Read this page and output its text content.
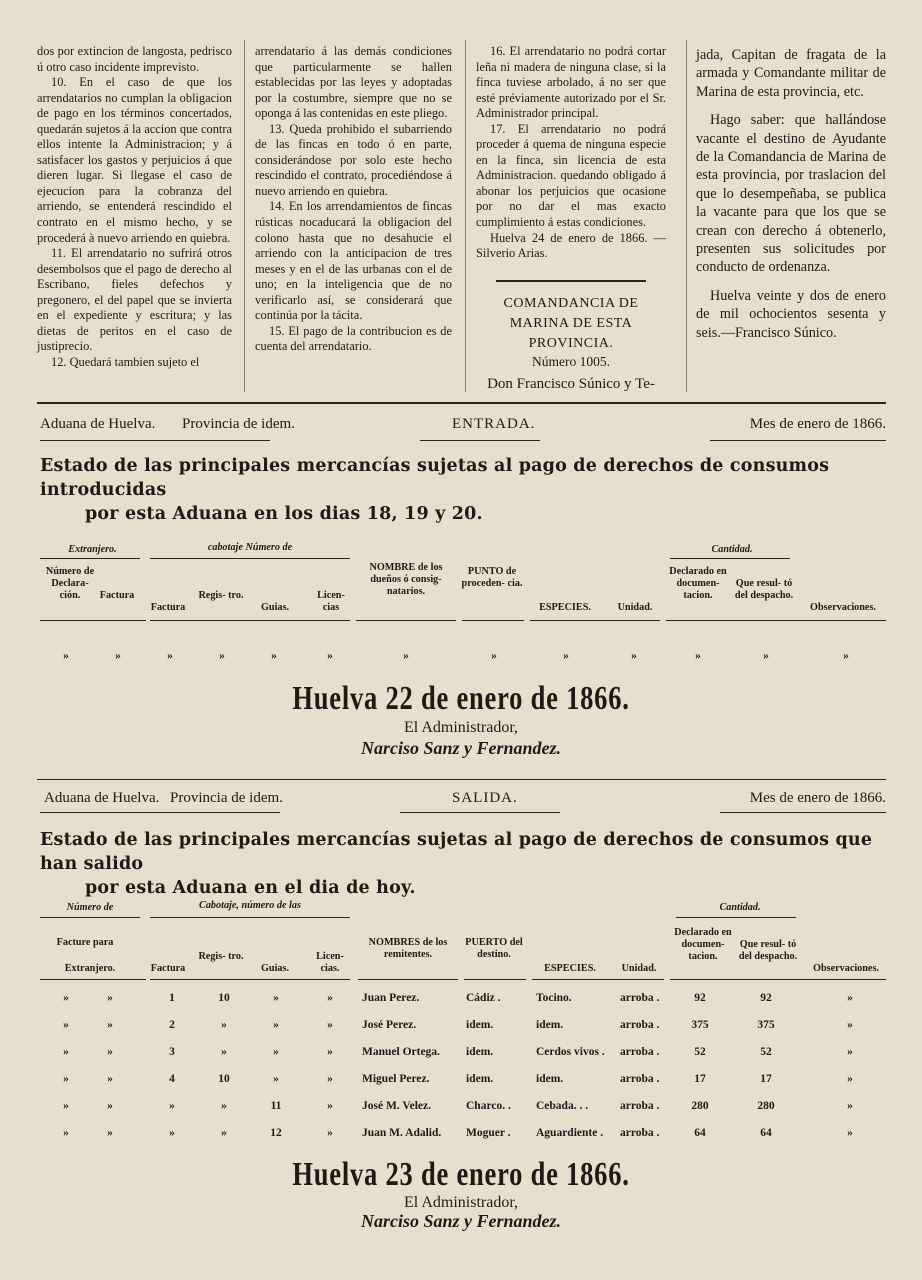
dos por extincion de langosta, pedrisco ú otro caso incidente imprevisto.

10. En el caso de que los arrendatarios no cumplan la obligacion de pago en los términos concertados, quedarán sujetos á la accion que contra ellos intente la Administracion; y á satisfacer los gastos y perjuicios á que dieren lugar. Si llegase el caso de ejecucion para la cobranza del arriendo, se entenderá rescindido el contrato en el mismo hecho, y se procederá à nuevo arriendo en quiebra.

11. El arrendatario no sufrirá otros desembolsos que el pago de derecho al Escribano, fieles defechos y pregonero, el del papel que se invierta en el expediente y escritura; y las dietas de peritos en el caso de justiprecio.

12. Quedará tambien sujeto el

arrendatario á las demás condiciones que particularmente se hallen establecidas por las leyes y adoptadas por la costumbre, siempre que no se oponga á las contenidas en este pliego.

13. Queda prohibido el subarriendo de las fincas en todo ó en parte, considerándose por solo este hecho rescindido el contrato, procediéndose á nuevo arriendo en quiebra.

14. En los arrendamientos de fincas rústicas nocaducará la obligacion del colono hasta que no desahucie el arriendo con la anticipacion de tres meses y en el de las urbanas con el de uno; en la inteligencia que de no verificarlo así, se considerará que continúa por la tácita.

15. El pago de la contribucion es de cuenta del arrendatario.

16. El arrendatario no podrá cortar leña ni madera de ninguna clase, si la finca tuviese arbolado, á no ser que esté préviamente autorizado por el Sr. Administrador principal.

17. El arrendatario no podrá proceder á quema de ninguna especie en la finca, sin licencia de esta Administracion. quedando obligado á abonar los perjuicios que ocasione por no dar el mas exacto cumplimiento á estas condiciones.

Huelva 24 de enero de 1866. —Silverio Arias.

COMANDANCIA DE MARINA DE ESTA PROVINCIA.

Número 1005.

Don Francisco Súnico y Te-

jada, Capitan de fragata de la armada y Comandante militar de Marina de esta provincia, etc.

Hago saber: que hallándose vacante el destino de Ayudante de la Comandancia de Marina de esta provincia, por traslacion del que lo desempeñaba, se publica la vacante para que los que se crean con derecho á obtenerlo, presenten sus solicitudes por conducto de ordenanza.

Huelva veinte y dos de enero de mil ochocientos sesenta y seis.—Francisco Súnico.

Aduana de Huelva. Provincia de idem.	ENTRADA.	Mes de enero de 1866.
Estado de las principales mercancías sujetas al pago de derechos de consumos introducidas
por esta Aduana en los dias 18, 19 y 20.
Extranjero.	cabotaje Número de	Cantidad.
Número de Declara- ción.	Factura
Factura
Regis- tro.
Guias.
Licen- cias
NOMBRE de los dueños ó consig- natarios.
PUNTO de proceden- cia.
ESPECIES.	Unidad.
Declarado en documen- tacion.
Que resul- tó del despacho.
Observaciones.
»	»	»	»	»	»	»	»	»	»	»	»	»
Huelva 22 de enero de 1866.
El Administrador,
Narciso Sanz y Fernandez.
Aduana de Huelva. Provincia de idem.	SALIDA.	Mes de enero de 1866.
Estado de las principales mercancías sujetas al pago de derechos de consumos que han salido
por esta Aduana en el dia de hoy.
Número de	Cabotaje, número de las	Cantidad.
Facture para
Extranjero.	Factura
Regis- tro.
Guias.
Licen- cias.
NOMBRES de los remitentes.
PUERTO del destino.
ESPECIES.	Unidad.
Declarado en documen- tacion.
Que resul- tó del despacho.
Observaciones.
»	»	1	10	»	»	Juan Perez.	Cádiz .	Tocino.	arroba .	92	92	»
»	»	2	»	»	»	José Perez.	idem.	idem.	arroba .	375	375	»
»	»	3	»	»	»	Manuel Ortega.	idem.	Cerdos vivos .	arroba .	52	52	»
»	»	4	10	»	»	Miguel Perez.	idem.	idem.	arroba .	17	17	»
»	»	»	»	11	»	José M. Velez.	Charco. .	Cebada. . .	arroba .	280	280	»
»	»	»	»	12	»	Juan M. Adalid.	Moguer .	Aguardiente .	arroba .	64	64	»
Huelva 23 de enero de 1866.
El Administrador,
Narciso Sanz y Fernandez.
